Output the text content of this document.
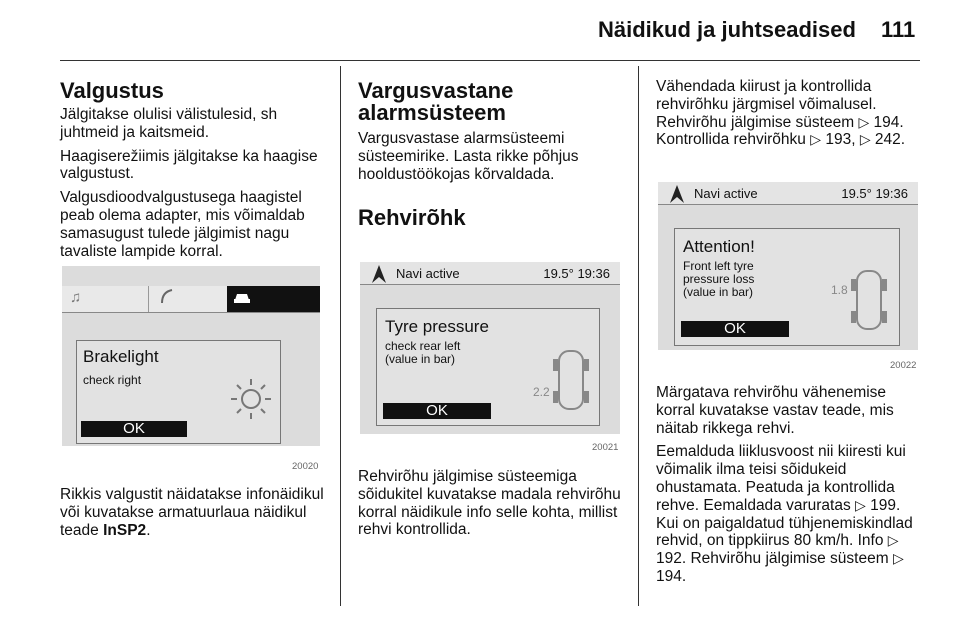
Näidikud ja juhtseadised 111
Valgustus

Jälgitakse olulisi välistulesid, sh juhtmeid ja kaitsmeid.

Haagiserežiimis jälgitakse ka haagise valgustust.

Valgusdioodvalgustusega haagistel peab olema adapter, mis võimaldab samasugust tulede jälgimist nagu tavaliste lampide korral.

♫
Brakelight
check right
OK
20020

Rikkis valgustit näidatakse infonäidikul või kuvatakse armatuurlaua näidikul teade InSP2.

Vargusvastane
alarmsüsteem

Vargusvastase alarmsüsteemi süsteemirike. Lasta rikke põhjus hooldustöökojas kõrvaldada.

Rehvirõhk
Navi active	19.5° 19:36
Tyre pressure
check rear left (value in bar)
2.2
OK
20021

Rehvirõhu jälgimise süsteemiga sõidukitel kuvatakse madala rehvirõhu korral näidikule info selle kohta, millist rehvi kontrollida.

Vähendada kiirust ja kontrollida rehvirõhku järgmisel võimalusel. Rehvirõhu jälgimise süsteem ▷ 194. Kontrollida rehvirõhku ▷ 193, ▷ 242.

Navi active	19.5° 19:36
Attention!
Front left tyre pressure loss (value in bar)	1.8
OK
20022

Märgatava rehvirõhu vähenemise korral kuvatakse vastav teade, mis näitab rikkega rehvi.

Eemalduda liiklusvoost nii kiiresti kui võimalik ilma teisi sõidukeid ohustamata. Peatuda ja kontrollida rehve. Eemaldada varuratas ▷ 199. Kui on paigaldatud tühjenemiskindlad rehvid, on tippkiirus 80 km/h. Info ▷ 192. Rehvirõhu jälgimise süsteem ▷ 194.
